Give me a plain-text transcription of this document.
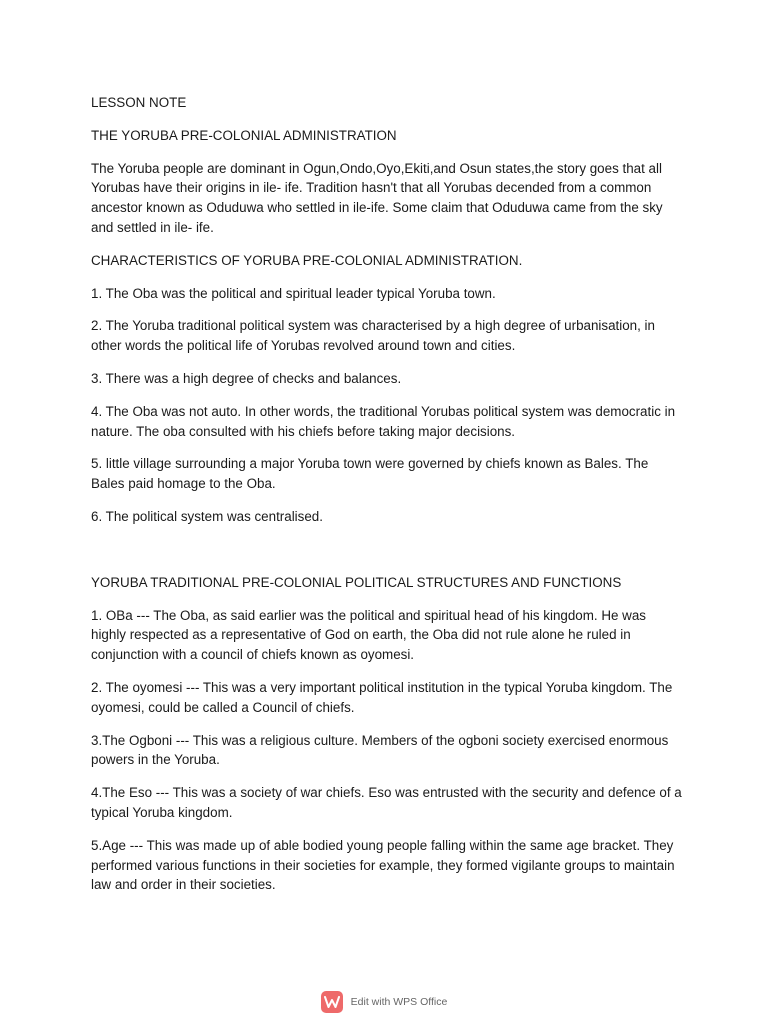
LESSON NOTE

THE YORUBA PRE-COLONIAL ADMINISTRATION

The Yoruba people are dominant in Ogun,Ondo,Oyo,Ekiti,and Osun states,the story goes that all Yorubas have their origins in ile- ife. Tradition hasn't that all Yorubas decended from a common ancestor known as Oduduwa who settled in ile-ife. Some claim that Oduduwa came from the sky and settled in ile- ife.

CHARACTERISTICS OF YORUBA PRE-COLONIAL ADMINISTRATION.

1. The Oba was the political and spiritual leader typical Yoruba town.

2. The Yoruba traditional political system was characterised by a high degree of urbanisation, in other words the political life of Yorubas revolved around town and cities.

3. There was a high degree of checks and balances.

4. The Oba was not auto. In other words, the traditional Yorubas political system was democratic in nature. The oba consulted with his chiefs before taking major decisions.

5. little village surrounding a major Yoruba town were governed by chiefs known as Bales. The Bales paid homage to the Oba.

6. The political system was centralised.

YORUBA TRADITIONAL PRE-COLONIAL POLITICAL STRUCTURES AND FUNCTIONS

1. OBa --- The Oba, as said earlier was the political and spiritual head of his kingdom. He was highly respected as a representative of God on earth, the Oba did not rule alone he ruled in conjunction with a council of chiefs known as oyomesi.

2. The oyomesi --- This was a very important political institution in the typical Yoruba kingdom. The oyomesi, could be called a Council of chiefs.

3.The Ogboni --- This was a religious culture. Members of the ogboni society exercised enormous powers in the Yoruba.

4.The Eso --- This was a society of war chiefs. Eso was entrusted with the security and defence of a typical Yoruba kingdom.

5.Age --- This was made up of able bodied young people falling within the same age bracket. They performed various functions in their societies for example, they formed vigilante groups to maintain law and order in their societies.

Edit with WPS Office
